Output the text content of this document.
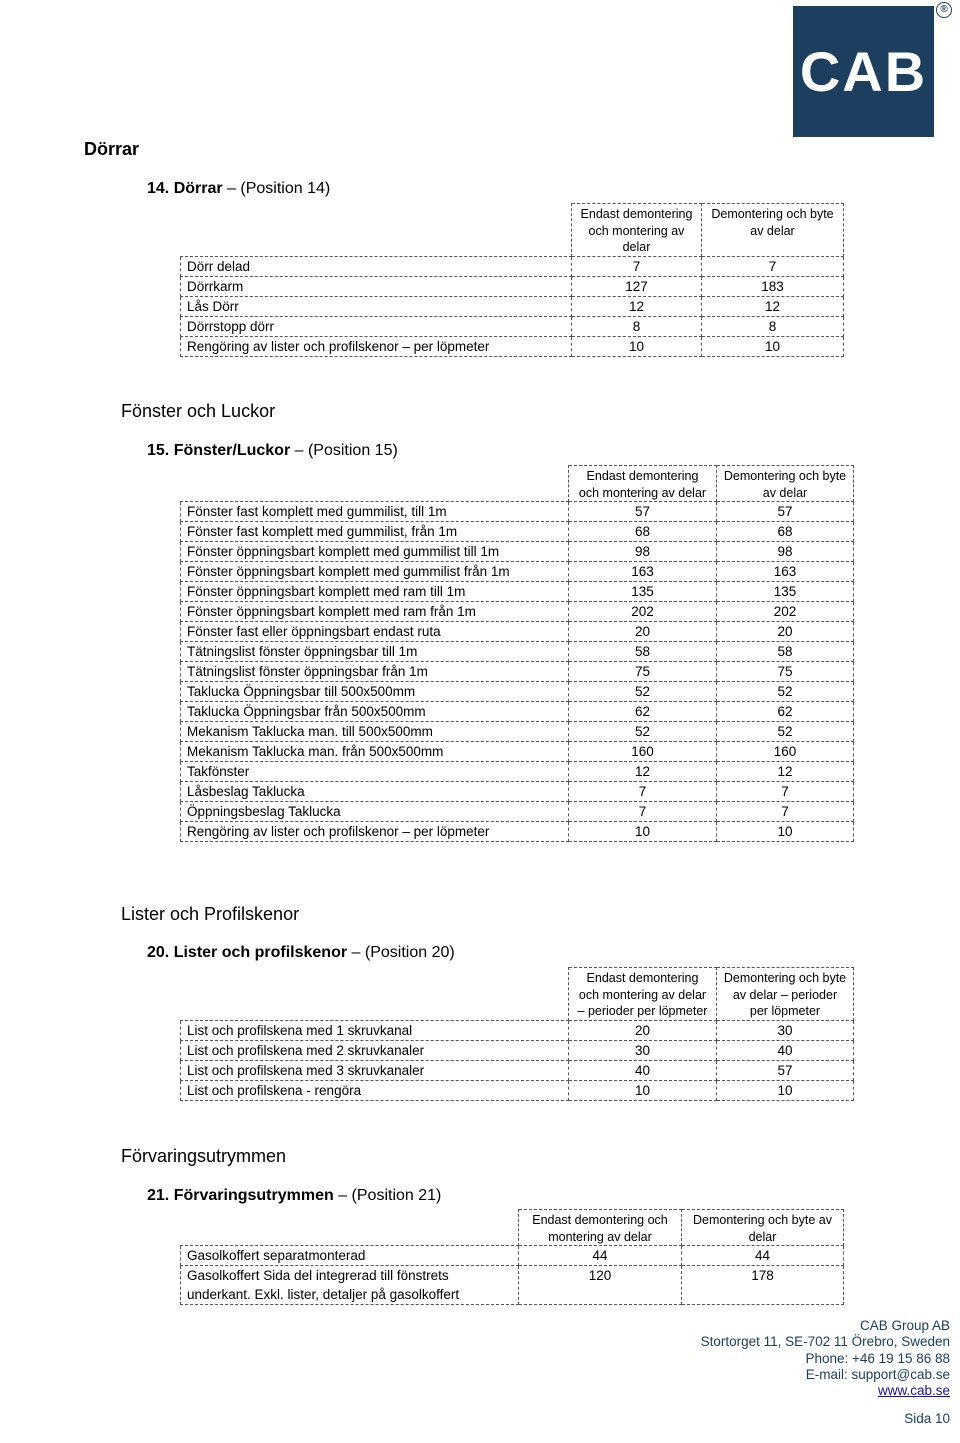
CAB
®
Dörrar
14. Dörrar – (Position 14)
	Endast demontering och montering av delar	Demontering och byte av delar
Dörr delad	7	7
Dörrkarm	127	183
Lås Dörr	12	12
Dörrstopp dörr	8	8
Rengöring av lister och profilskenor – per löpmeter	10	10
Fönster och Luckor
15. Fönster/Luckor – (Position 15)
	Endast demontering och montering av delar	Demontering och byte av delar
Fönster fast komplett med gummilist, till 1m	57	57
Fönster fast komplett med gummilist, från 1m	68	68
Fönster öppningsbart komplett med gummilist till 1m	98	98
Fönster öppningsbart komplett med gummilist från 1m	163	163
Fönster öppningsbart komplett med ram till 1m	135	135
Fönster öppningsbart komplett med ram från 1m	202	202
Fönster fast eller öppningsbart endast ruta	20	20
Tätningslist fönster öppningsbar till 1m	58	58
Tätningslist fönster öppningsbar från 1m	75	75
Taklucka Öppningsbar till 500x500mm	52	52
Taklucka Öppningsbar från 500x500mm	62	62
Mekanism Taklucka man. till 500x500mm	52	52
Mekanism Taklucka man. från 500x500mm	160	160
Takfönster	12	12
Låsbeslag Taklucka	7	7
Öppningsbeslag Taklucka	7	7
Rengöring av lister och profilskenor – per löpmeter	10	10
Lister och Profilskenor
20. Lister och profilskenor – (Position 20)
	Endast demontering och montering av delar – perioder per löpmeter	Demontering och byte av delar – perioder per löpmeter
List och profilskena med 1 skruvkanal	20	30
List och profilskena med 2 skruvkanaler	30	40
List och profilskena med 3 skruvkanaler	40	57
List och profilskena - rengöra	10	10
Förvaringsutrymmen
21. Förvaringsutrymmen – (Position 21)
	Endast demontering och montering av delar	Demontering och byte av delar
Gasolkoffert separatmonterad	44	44
Gasolkoffert Sida del integrerad till fönstrets underkant. Exkl. lister, detaljer på gasolkoffert	120	178
CAB Group AB
Stortorget 11, SE-702 11 Örebro, Sweden
Phone: +46 19 15 86 88
E-mail: support@cab.se
www.cab.se
Sida 10
